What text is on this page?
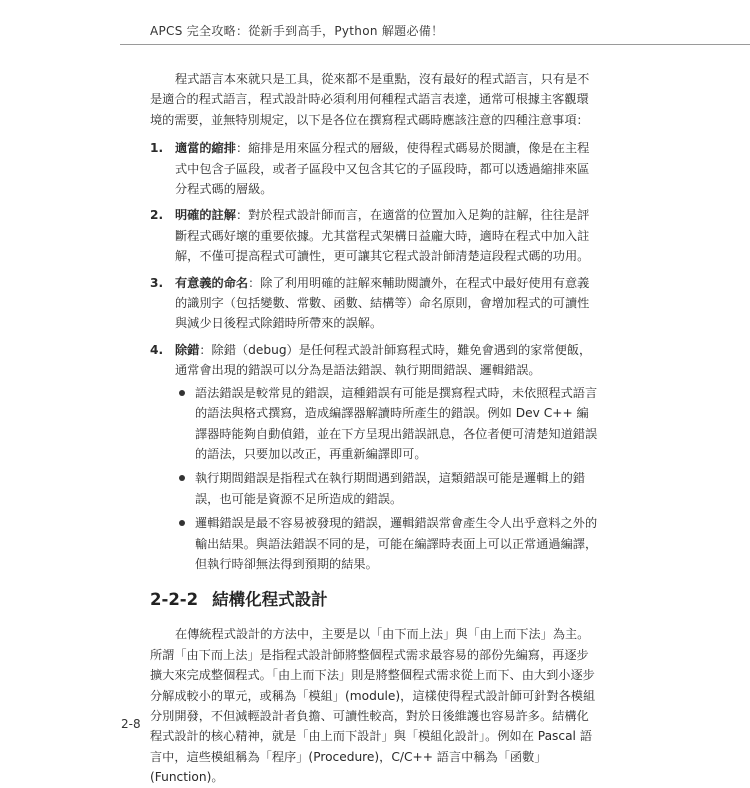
APCS 完全攻略：從新手到高手，Python 解題必備！

程式語言本來就只是工具，從來都不是重點，沒有最好的程式語言，只有是不是適合的程式語言，程式設計時必須利用何種程式語言表達，通常可根據主客觀環境的需要，並無特別規定，以下是各位在撰寫程式碼時應該注意的四種注意事項：

1. 適當的縮排：縮排是用來區分程式的層級，使得程式碼易於閱讀，像是在主程式中包含子區段，或者子區段中又包含其它的子區段時，都可以透過縮排來區分程式碼的層級。
2. 明確的註解：對於程式設計師而言，在適當的位置加入足夠的註解，往往是評斷程式碼好壞的重要依據。尤其當程式架構日益龐大時，適時在程式中加入註解，不僅可提高程式可讀性，更可讓其它程式設計師清楚這段程式碼的功用。
3. 有意義的命名：除了利用明確的註解來輔助閱讀外，在程式中最好使用有意義的識別字（包括變數、常數、函數、結構等）命名原則，會增加程式的可讀性與減少日後程式除錯時所帶來的誤解。
4. 除錯：除錯（debug）是任何程式設計師寫程式時，難免會遇到的家常便飯，通常會出現的錯誤可以分為是語法錯誤、執行期間錯誤、邏輯錯誤。
語法錯誤是較常見的錯誤，這種錯誤有可能是撰寫程式時，未依照程式語言的語法與格式撰寫，造成編譯器解讀時所產生的錯誤。例如 Dev C++ 編譯器時能夠自動偵錯，並在下方呈現出錯誤訊息，各位者便可清楚知道錯誤的語法，只要加以改正，再重新編譯即可。
執行期間錯誤是指程式在執行期間遇到錯誤，這類錯誤可能是邏輯上的錯誤，也可能是資源不足所造成的錯誤。
邏輯錯誤是最不容易被發現的錯誤，邏輯錯誤常會產生令人出乎意料之外的輸出結果。與語法錯誤不同的是，可能在編譯時表面上可以正常通過編譯，但執行時卻無法得到預期的結果。
2-2-2 結構化程式設計

在傳統程式設計的方法中，主要是以「由下而上法」與「由上而下法」為主。所謂「由下而上法」是指程式設計師將整個程式需求最容易的部份先編寫，再逐步擴大來完成整個程式。「由上而下法」則是將整個程式需求從上而下、由大到小逐步分解成較小的單元，或稱為「模組」(module)，這樣使得程式設計師可針對各模組分別開發，不但減輕設計者負擔、可讀性較高，對於日後維護也容易許多。結構化程式設計的核心精神，就是「由上而下設計」與「模組化設計」。例如在 Pascal 語言中，這些模組稱為「程序」(Procedure)，C/C++ 語言中稱為「函數」(Function)。

2-8
